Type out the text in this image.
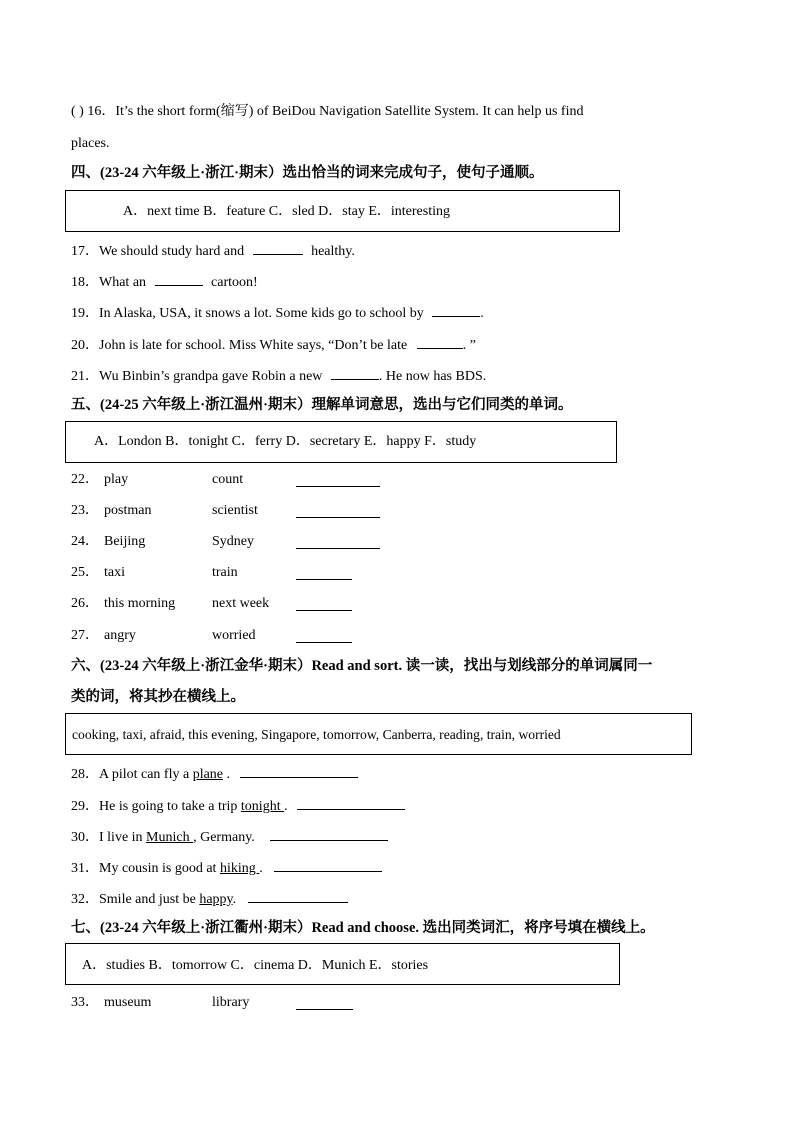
( ) 16．It’s the short form(缩写) of BeiDou Navigation Satellite System. It can help us find
places.
四、(23-24 六年级上·浙江·期末）选出恰当的词来完成句子，使句子通顺。
A．next time B．feature C．sled D．stay E．interesting
17．We should study hard and	healthy.
18．What an	cartoon!
19．In Alaska, USA, it snows a lot. Some kids go to school by	.
20．John is late for school. Miss White says, “Don’t be late	. ”
21．Wu Binbin’s grandpa gave Robin a new	. He now has BDS.
五、(24-25 六年级上·浙江温州·期末）理解单词意思，选出与它们同类的单词。
A．London B．tonight C．ferry D．secretary E．happy F．study
22． play	count
23． postman	scientist
24． Beijing	Sydney
25． taxi	train
26． this morning	next week
27． angry	worried
六、(23-24 六年级上·浙江金华·期末）Read and sort. 读一读，找出与划线部分的单词属同一
类的词，将其抄在横线上。
cooking, taxi, afraid, this evening, Singapore, tomorrow, Canberra, reading, train, worried
28．A pilot can fly a plane .
29．He is going to take a trip tonight .
30．I live in Munich , Germany.
31．My cousin is good at hiking .
32．Smile and just be happy.
七、(23-24 六年级上·浙江衢州·期末）Read and choose. 选出同类词汇，将序号填在横线上。
A．studies B．tomorrow C．cinema D．Munich E．stories
33． museum	library
